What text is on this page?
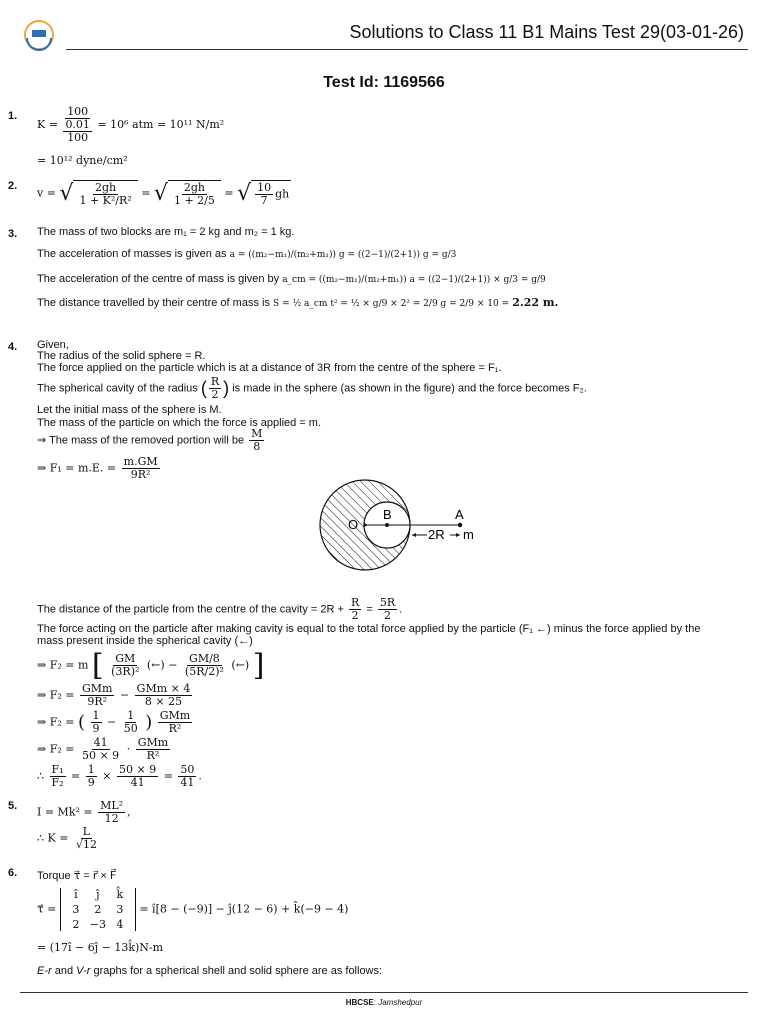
Solutions to Class 11 B1 Mains Test 29(03-01-26)
Test Id: 1169566
1.
K =
100
0.01
100
= 10⁶ atm = 10¹¹ N/m²
= 10¹² dyne/cm²
2.
v = √ $\frac{2gh}{\text{1 + K²/R²}}$ = √ $\frac{2gh}{1 + 2/5}$ = √ $\frac{10}{7}$ gh
3. The mass of two blocks are m₁ = 2 kg and m₂ = 1 kg.
The acceleration of masses is given as a = ((m₂−m₁)/(m₂+m₁)) g = ((2−1)/(2+1)) g = g/3
The acceleration of the centre of mass is given by a_cm = ((m₂−m₁)/(m₂+m₁)) a = ((2−1)/(2+1)) × g/3 = g/9
The distance travelled by their centre of mass is S = ½ a_cm t² = ½ × g/9 × 2² = 2/9 g = 2/9 × 10 = 2.22 m.
4. Given,
The radius of the solid sphere = R.
The force applied on the particle which is at a distance of 3R from the centre of the sphere = F₁.
The spherical cavity of the radius ( $\frac{R}{2}$ ) is made in the sphere (as shown in the figure) and the force becomes F₂.
Let the initial mass of the sphere is M.
The mass of the particle on which the force is applied = m.
⇒ The mass of the removed portion will be $\frac{M}{8}$
⇒ F₁ = m.E. = $\frac{m.GM}{\text{9R²}}$
O
B	A
2R m
The distance of the particle from the centre of the cavity = $2R + \frac{R}{2} = \frac{5R}{2}$ .
The force acting on the particle after making cavity is equal to the total force applied by the particle (F₁ ←) minus the force applied by the
mass present inside the spherical cavity (←)
⇒ F₂ = m [ $\frac{GM}{\text{(3R)²}}$ (←) − $\frac{GM/8}{\text{(5R/2)²}}$ (←) ]
⇒ $F_2 = \frac{\text{GMm}}{\text{9R²}} - \frac{\text{GMm × 4}}{8 \times 25}$
⇒ F₂ = ( $\frac{1}{9} - \frac{1}{50}$ ) $\frac{\text{GMm}}{\text{R²}}$
⇒ $F_2 = \frac{41}{50 \times 9} \cdot \frac{\text{GMm}}{\text{R²}}$
∴ $\frac{\text{F₁}}{\text{F₂}} = \frac{1}{9} \times \frac{50 \times 9}{41} = \frac{50}{41}$ .
5. $I = Mk^2 = \frac{\text{ML²}}{12}$ ,
∴ $K = \frac{L}{√12}$
6. Torque τ⃗ = r⃗ × F⃗
τ⃗ =
î	ĵ	k̂
3	2	3
2 −3 4
= î[8 − (−9)] − ĵ(12 − 6) + k̂(−9 − 4)
= (17î − 6ĵ − 13k̂)N-m
E-r and V-r graphs for a spherical shell and solid sphere are as follows:
HBCSE: Jamshedpur
